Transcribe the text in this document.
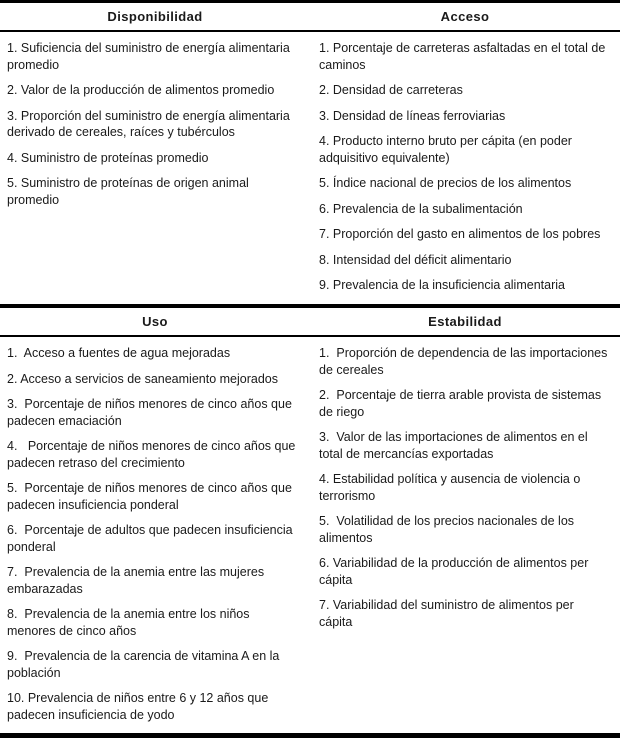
Disponibilidad	Acceso

1. Suficiencia del suministro de energía alimentaria promedio

2. Valor de la producción de alimentos promedio

3. Proporción del suministro de energía alimentaria derivado de cereales, raíces y tubérculos

4. Suministro de proteínas promedio

5. Suministro de proteínas de origen animal promedio

1. Porcentaje de carreteras asfaltadas en el total de caminos

2. Densidad de carreteras

3. Densidad de líneas ferroviarias

4. Producto interno bruto per cápita (en poder adquisitivo equivalente)

5. Índice nacional de precios de los alimentos

6. Prevalencia de la subalimentación

7. Proporción del gasto en alimentos de los pobres

8. Intensidad del déficit alimentario

9. Prevalencia de la insuficiencia alimentaria

Uso	Estabilidad

1.  Acceso a fuentes de agua mejoradas

2. Acceso a servicios de saneamiento mejorados

3.  Porcentaje de niños menores de cinco años que padecen emaciación

4.   Porcentaje de niños menores de cinco años que padecen retraso del crecimiento

5.  Porcentaje de niños menores de cinco años que padecen insuficiencia ponderal

6.  Porcentaje de adultos que padecen insuficiencia ponderal

7.  Prevalencia de la anemia entre las mujeres embarazadas

8.  Prevalencia de la anemia entre los niños menores de cinco años

9.  Prevalencia de la carencia de vitamina A en la población

10. Prevalencia de niños entre 6 y 12 años que padecen insuficiencia de yodo

1.  Proporción de dependencia de las importaciones de cereales

2.  Porcentaje de tierra arable provista de sistemas de riego

3.  Valor de las importaciones de alimentos en el total de mercancías exportadas

4. Estabilidad política y ausencia de violencia o terrorismo

5.  Volatilidad de los precios nacionales de los alimentos

6. Variabilidad de la producción de alimentos per cápita

7. Variabilidad del suministro de alimentos per cápita
